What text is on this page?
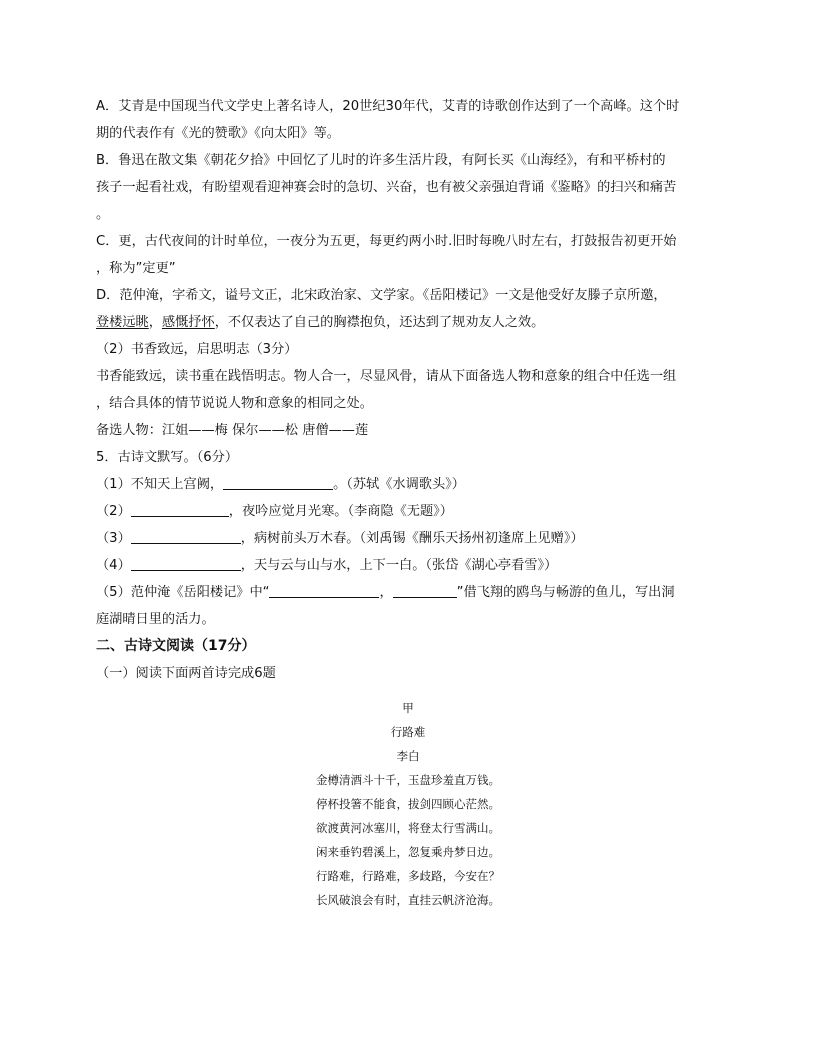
A．艾青是中国现当代文学史上著名诗人，20世纪30年代，艾青的诗歌创作达到了一个高峰。这个时
期的代表作有《光的赞歌》《向太阳》等。
B．鲁迅在散文集《朝花夕拾》中回忆了儿时的许多生活片段，有阿长买《山海经》，有和平桥村的
孩子一起看社戏，有盼望观看迎神赛会时的急切、兴奋，也有被父亲强迫背诵《鉴略》的扫兴和痛苦
。
C．更，古代夜间的计时单位，一夜分为五更，每更约两小时.旧时每晚八时左右，打鼓报告初更开始
，称为”定更”
D．范仲淹，字希文，谥号文正，北宋政治家、文学家。《岳阳楼记》一文是他受好友滕子京所邀，
登楼远眺，感慨抒怀，不仅表达了自己的胸襟抱负，还达到了规劝友人之效。
（2）书香致远，启思明志（3分）
书香能致远，读书重在践悟明志。物人合一，尽显风骨，请从下面备选人物和意象的组合中任选一组
，结合具体的情节说说人物和意象的相同之处。
备选人物：江姐——梅 保尔——松 唐僧——莲
5．古诗文默写。（6分）
（1）不知天上宫阙，	。（苏轼《水调歌头》）
（2）	，夜吟应觉月光寒。（李商隐《无题》）
（3）	，病树前头万木春。（刘禹锡《酬乐天扬州初逢席上见赠》）
（4）	，天与云与山与水，上下一白。（张岱《湖心亭看雪》）
（5）范仲淹《岳阳楼记》中“	，	”借飞翔的鸥鸟与畅游的鱼儿，写出洞
庭湖晴日里的活力。
二、古诗文阅读（17分）
（一）阅读下面两首诗完成6题
甲
行路难
李白
金樽清酒斗十千，玉盘珍羞直万钱。
停杯投箸不能食，拔剑四顾心茫然。
欲渡黄河冰塞川，将登太行雪满山。
闲来垂钓碧溪上，忽复乘舟梦日边。
行路难，行路难，多歧路，今安在？
长风破浪会有时，直挂云帆济沧海。
